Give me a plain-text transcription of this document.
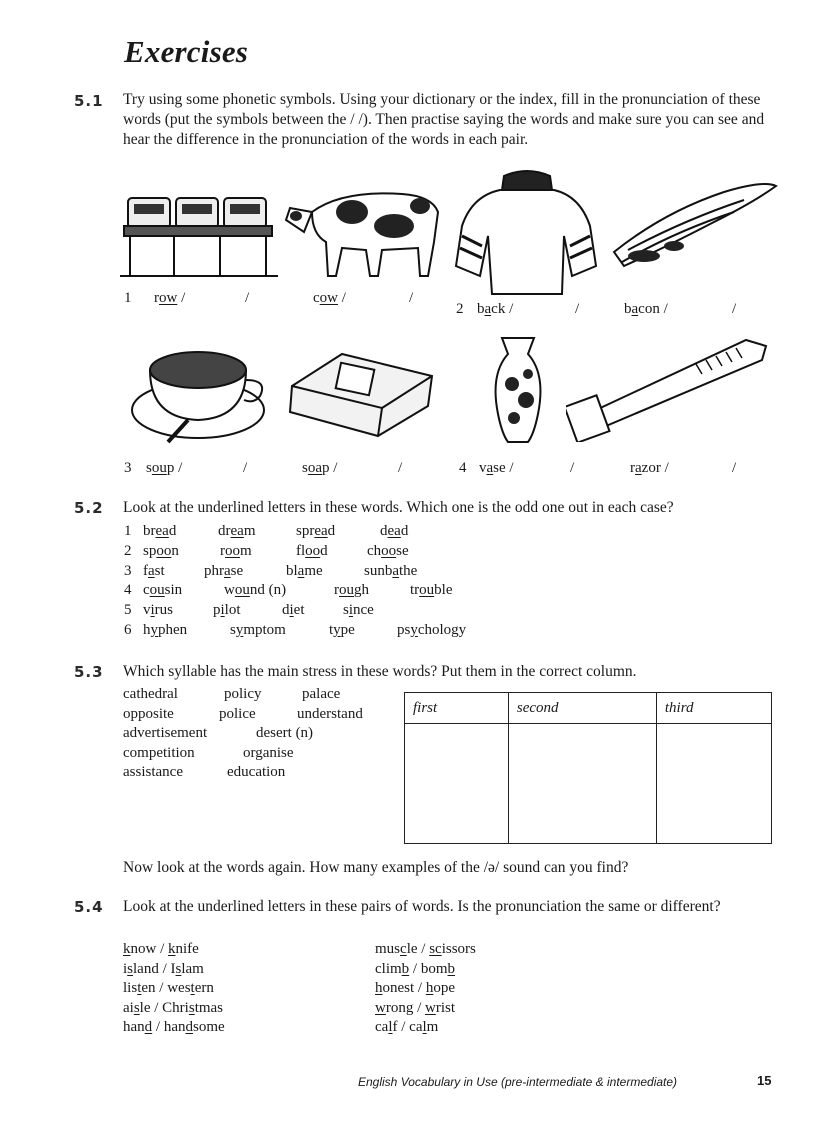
Exercises
5.1 Try using some phonetic symbols. Using your dictionary or the index, fill in the pronunciation of these words (put the symbols between the / /). Then practise saying the words and make sure you can see and hear the difference in the pronunciation of the words in each pair.
1 row /	/	cow /	/
2 back /	/	bacon /	/
3 soup /	/	soap /	/	4 vase /	/	razor /	/
5.2 Look at the underlined letters in these words. Which one is the odd one out in each case?
1 bread	dream	spread	dead
2 spoon	room	flood	choose
3 fast	phrase	blame	sunbathe
4 cousin	wound (n)	rough	trouble
5 virus	pilot	diet	since
6 hyphen	symptom	type	psychology
5.3 Which syllable has the main stress in these words? Put them in the correct column.
cathedral	policy	palace
opposite	police	understand
advertisement	desert (n)
competition	organise
assistance	education
first	second	third

Now look at the words again. How many examples of the /ə/ sound can you find?
5.4 Look at the underlined letters in these pairs of words. Is the pronunciation the same or different?
know / knife
island / Islam
listen / western
aisle / Christmas
hand / handsome
muscle / scissors
climb / bomb
honest / hope
wrong / wrist
calf / calm
English Vocabulary in Use (pre-intermediate & intermediate)	15
